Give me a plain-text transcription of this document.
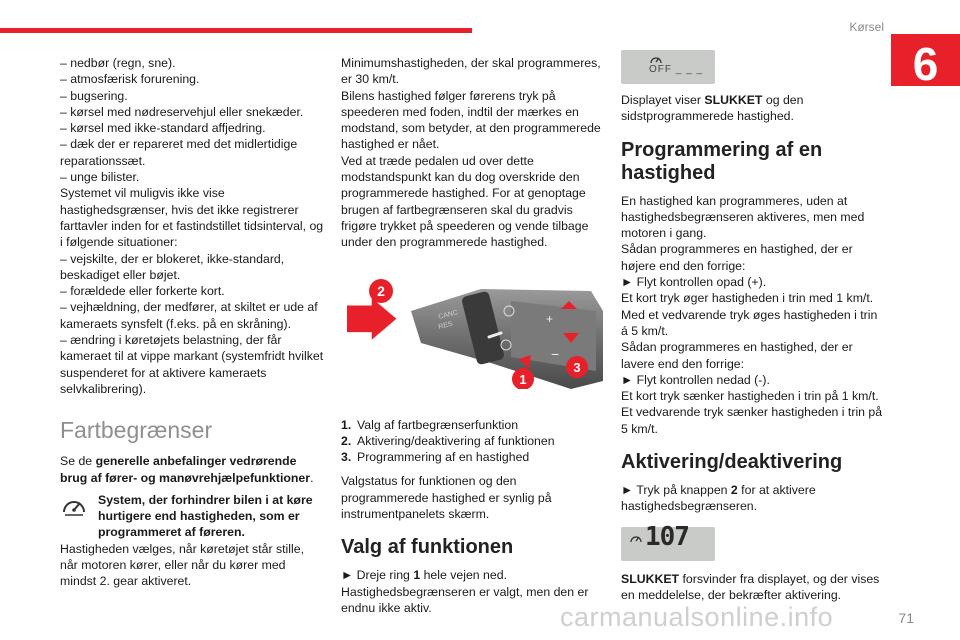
Kørsel
6

– nedbør (regn, sne).

– atmosfærisk forurening.

– bugsering.

– kørsel med nødreservehjul eller snekæder.

– kørsel med ikke-standard affjedring.

– dæk der er repareret med det midlertidige reparationssæt.

– unge bilister.

Systemet vil muligvis ikke vise hastighedsgrænser, hvis det ikke registrerer farttavler inden for et fastindstillet tidsinterval, og i følgende situationer:

– vejskilte, der er blokeret, ikke-standard, beskadiget eller bøjet.

– forældede eller forkerte kort.

– vejhældning, der medfører, at skiltet er ude af kameraets synsfelt (f.eks. på en skråning).

– ændring i køretøjets belastning, der får kameraet til at vippe markant (systemfridt hvilket suspenderet for at aktivere kameraets selvkalibrering).

Fartbegrænser

Se de generelle anbefalinger vedrørende brug af fører- og manøvrehjælpefunktioner.

System, der forhindrer bilen i at køre hurtigere end hastigheden, som er programmeret af føreren.

Hastigheden vælges, når køretøjet står stille, når motoren kører, eller når du kører med mindst 2. gear aktiveret.

Minimumshastigheden, der skal programmeres, er 30 km/t.

Bilens hastighed følger førerens tryk på speederen med foden, indtil der mærkes en modstand, som betyder, at den programmerede hastighed er nået.

Ved at træde pedalen ud over dette modstandspunkt kan du dog overskride den programmerede hastighed. For at genoptage brugen af fartbegrænseren skal du gradvis frigøre trykket på speederen og vende tilbage under den programmerede hastighed.

CANC
RES	+
−
2
1
3

1. Valg af fartbegrænserfunktion

2. Aktivering/deaktivering af funktionen

3. Programmering af en hastighed

Valgstatus for funktionen og den programmerede hastighed er synlig på instrumentpanelets skærm.

Valg af funktionen

► Drejе ring 1 hele vejen ned.

Hastighedsbegrænseren er valgt, men den er endnu ikke aktiv.

OFF _ _ _

Displayet viser SLUKKET og den sidstprogrammerede hastighed.

Programmering af en hastighed

En hastighed kan programmeres, uden at hastighedsbegrænseren aktiveres, men med motoren i gang.

Sådan programmeres en hastighed, der er højere end den forrige:

► Flyt kontrollen opad (+).

Et kort tryk øger hastigheden i trin med 1 km/t.

Med et vedvarende tryk øges hastigheden i trin á 5 km/t.

Sådan programmeres en hastighed, der er lavere end den forrige:

► Flyt kontrollen nedad (-).

Et kort tryk sænker hastigheden i trin på 1 km/t.

Et vedvarende tryk sænker hastigheden i trin på 5 km/t.

Aktivering/deaktivering

► Tryk på knappen 2 for at aktivere hastighedsbegrænseren.

107

SLUKKET forsvinder fra displayet, og der vises en meddelelse, der bekræfter aktivering.

carmanualsonline.info	71
